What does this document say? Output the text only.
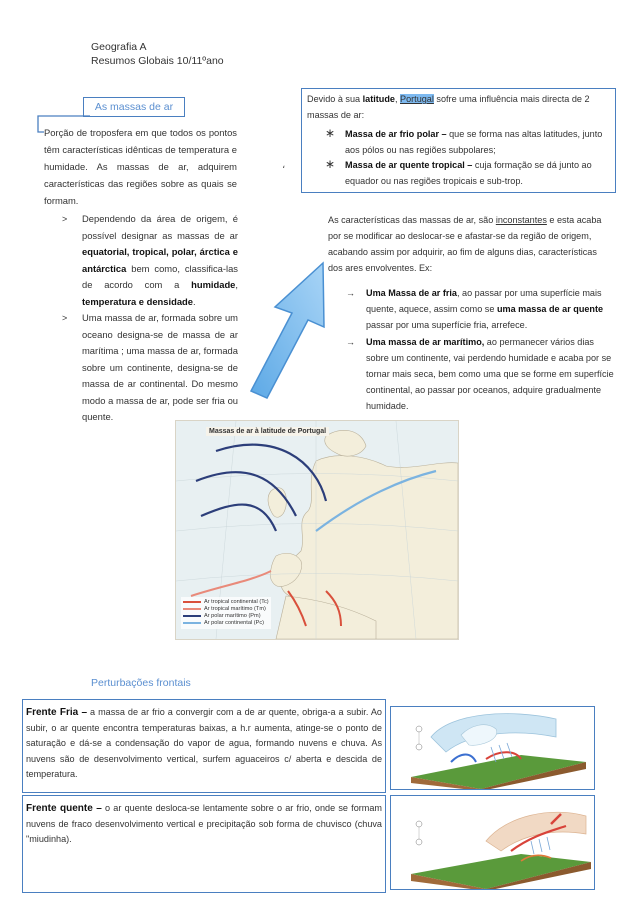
Geografia A
Resumos Globais 10/11ºano
As massas de ar
Porção de troposfera em que todos os pontos têm características idênticas de temperatura e humidade. As massas de ar, adquirem características das regiões sobre as quais se formam.
> Dependendo da área de origem, é possível designar as massas de ar equatorial, tropical, polar, árctica e antárctica bem como, classifica-las de acordo com a humidade, temperatura e densidade.
> Uma massa de ar, formada sobre um oceano designa-se de massa de ar marítima ; uma massa de ar, formada sobre um continente, designa-se de massa de ar continental. Do mesmo modo a massa de ar, pode ser fria ou quente.
Devido à sua latitude, Portugal sofre uma influência mais directa de 2 massas de ar:
∗ Massa de ar frio polar – que se forma nas altas latitudes, junto aos pólos ou nas regiões subpolares;
∗ Massa de ar quente tropical – cuja formação se dá junto ao equador ou nas regiões tropicais e sub-trop.
،
As características das massas de ar, são inconstantes e esta acaba por se modificar ao deslocar-se e afastar-se da região de origem, acabando assim por adquirir, ao fim de alguns dias, características dos ares envolventes. Ex:
→ Uma Massa de ar fria, ao passar por uma superfície mais quente, aquece, assim como se uma massa de ar quente passar por uma superfície fria, arrefece.
→ Uma massa de ar marítimo, ao permanecer vários dias sobre um continente, vai perdendo humidade e acaba por se tornar mais seca, bem como uma que se forme em superfície continental, ao passar por oceanos, adquire gradualmente humidade.
Massas de ar à latitude de Portugal
Ar tropical continental (Tc)
Ar tropical marítimo (Tm)
Ar polar marítimo (Pm)
Ar polar continental (Pc)
Perturbações frontais
Frente Fria – a massa de ar frio a convergir com a de ar quente, obriga-a a subir. Ao subir, o ar quente encontra temperaturas baixas, a h.r aumenta, atinge-se o ponto de saturação e dá-se a condensação do vapor de agua, formando nuvens e chuva. As nuvens são de desenvolvimento vertical, surfem aguaceiros c/ aberta e descida de temperatura.
Frente quente – o ar quente desloca-se lentamente sobre o ar frio, onde se formam nuvens de fraco desenvolvimento vertical e precipitação sob forma de chuvisco (chuva "miudinha).
